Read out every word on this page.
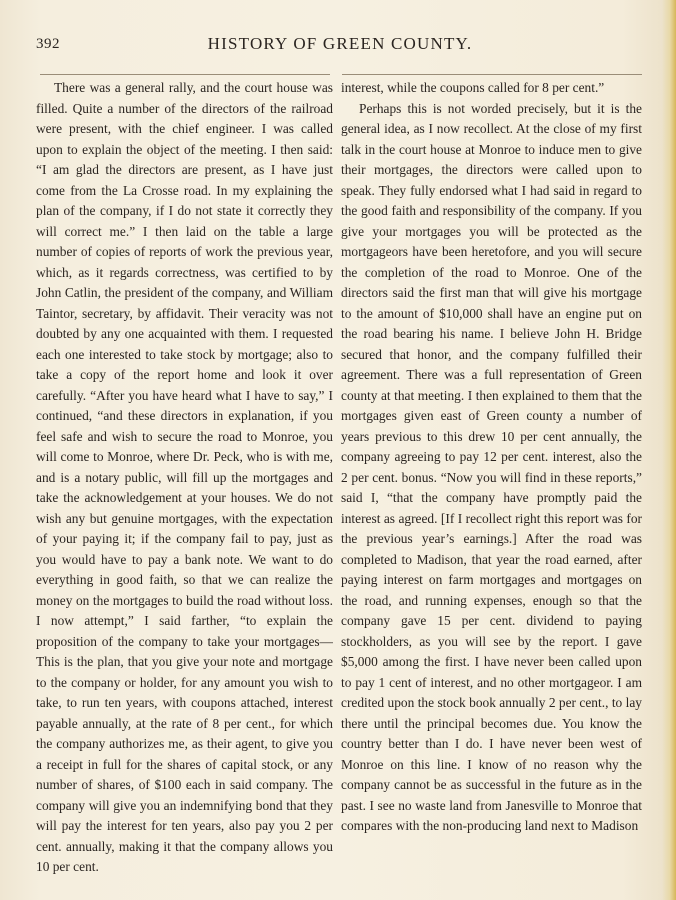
392	HISTORY OF GREEN COUNTY.

There was a general rally, and the court house was filled. Quite a number of the directors of the railroad were present, with the chief engineer. I was called upon to explain the object of the meeting. I then said: “I am glad the directors are present, as I have just come from the La Crosse road. In my explaining the plan of the company, if I do not state it correctly they will correct me.” I then laid on the table a large number of copies of reports of work the previous year, which, as it regards correctness, was certified to by John Catlin, the president of the company, and William Taintor, secretary, by affidavit. Their veracity was not doubted by any one acquainted with them. I requested each one interested to take stock by mortgage; also to take a copy of the report home and look it over carefully. “After you have heard what I have to say,” I continued, “and these directors in explanation, if you feel safe and wish to secure the road to Monroe, you will come to Monroe, where Dr. Peck, who is with me, and is a notary public, will fill up the mortgages and take the acknowledgement at your houses. We do not wish any but genuine mortgages, with the expectation of your paying it; if the company fail to pay, just as you would have to pay a bank note. We want to do everything in good faith, so that we can realize the money on the mortgages to build the road without loss. I now attempt,” I said farther, “to explain the proposition of the company to take your mortgages—This is the plan, that you give your note and mortgage to the company or holder, for any amount you wish to take, to run ten years, with coupons attached, interest payable annually, at the rate of 8 per cent., for which the company authorizes me, as their agent, to give you a receipt in full for the shares of capital stock, or any number of shares, of $100 each in said company. The company will give you an indemnifying bond that they will pay the interest for ten years, also pay you 2 per cent. annually, making it that the company allows you 10 per cent.

interest, while the coupons called for 8 per cent.”

Perhaps this is not worded precisely, but it is the general idea, as I now recollect. At the close of my first talk in the court house at Monroe to induce men to give their mortgages, the directors were called upon to speak. They fully endorsed what I had said in regard to the good faith and responsibility of the company. If you give your mortgages you will be protected as the mortgageors have been heretofore, and you will secure the completion of the road to Monroe. One of the directors said the first man that will give his mortgage to the amount of $10,000 shall have an engine put on the road bearing his name. I believe John H. Bridge secured that honor, and the company fulfilled their agreement. There was a full representation of Green county at that meeting. I then explained to them that the mortgages given east of Green county a number of years previous to this drew 10 per cent annually, the company agreeing to pay 12 per cent. interest, also the 2 per cent. bonus. “Now you will find in these reports,” said I, “that the company have promptly paid the interest as agreed. [If I recollect right this report was for the previous year’s earnings.] After the road was completed to Madison, that year the road earned, after paying interest on farm mortgages and mortgages on the road, and running expenses, enough so that the company gave 15 per cent. dividend to paying stockholders, as you will see by the report. I gave $5,000 among the first. I have never been called upon to pay 1 cent of interest, and no other mortgageor. I am credited upon the stock book annually 2 per cent., to lay there until the principal becomes due. You know the country better than I do. I have never been west of Monroe on this line. I know of no reason why the company cannot be as successful in the future as in the past. I see no waste land from Janesville to Monroe that compares with the non-producing land next to Madison
